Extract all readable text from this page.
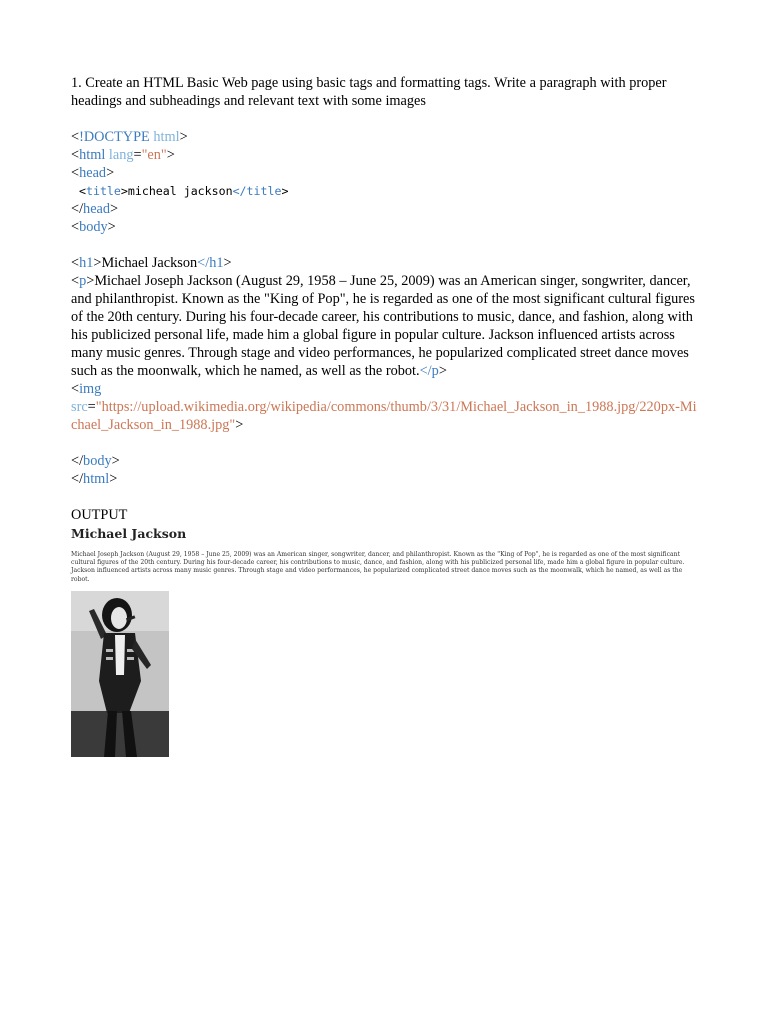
1. Create an HTML Basic Web page using basic tags and formatting tags. Write a paragraph with proper headings and subheadings and relevant text with some images

<!DOCTYPE html>
<html lang="en">
<head>
<title>micheal jackson</title>
</head>
<body>
<h1>Michael Jackson</h1>
<p>Michael Joseph Jackson (August 29, 1958 – June 25, 2009) was an American singer, songwriter, dancer, and philanthropist. Known as the "King of Pop", he is regarded as one of the most significant cultural figures of the 20th century. During his four-decade career, his contributions to music, dance, and fashion, along with his publicized personal life, made him a global figure in popular culture. Jackson influenced artists across many music genres. Through stage and video performances, he popularized complicated street dance moves such as the moonwalk, which he named, as well as the robot.</p>
<img
src="https://upload.wikimedia.org/wikipedia/commons/thumb/3/31/Michael_Jackson_in_1988.jpg/220px-Michael_Jackson_in_1988.jpg">
</body>
</html>
OUTPUT
Michael Jackson

Michael Joseph Jackson (August 29, 1958 – June 25, 2009) was an American singer, songwriter, dancer, and philanthropist. Known as the "King of Pop", he is regarded as one of the most significant cultural figures of the 20th century. During his four-decade career, his contributions to music, dance, and fashion, along with his publicized personal life, made him a global figure in popular culture. Jackson influenced artists across many music genres. Through stage and video performances, he popularized complicated street dance moves such as the moonwalk, which he named, as well as the robot.
